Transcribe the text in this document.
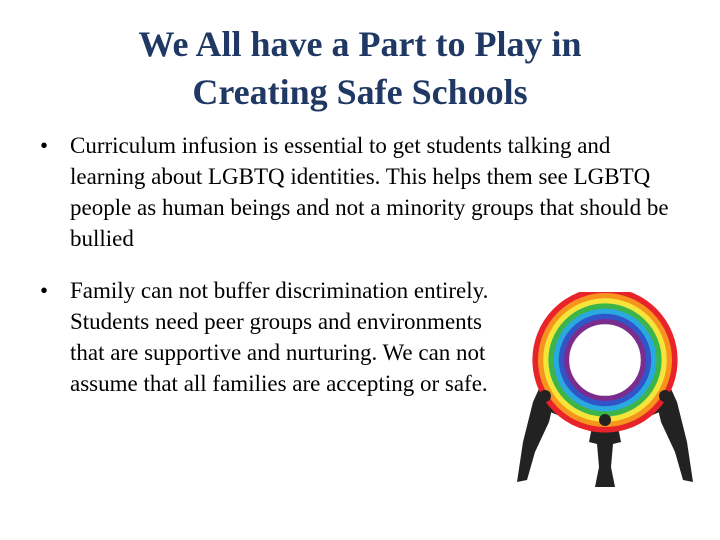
We All have a Part to Play in
Creating Safe Schools
• Curriculum infusion is essential to get students talking and learning about LGBTQ identities. This helps them see LGBTQ people as human beings and not a minority groups that should be bullied
• Family can not buffer discrimination entirely. Students need peer groups and environments that are supportive and nurturing. We can not assume that all families are accepting or safe.
